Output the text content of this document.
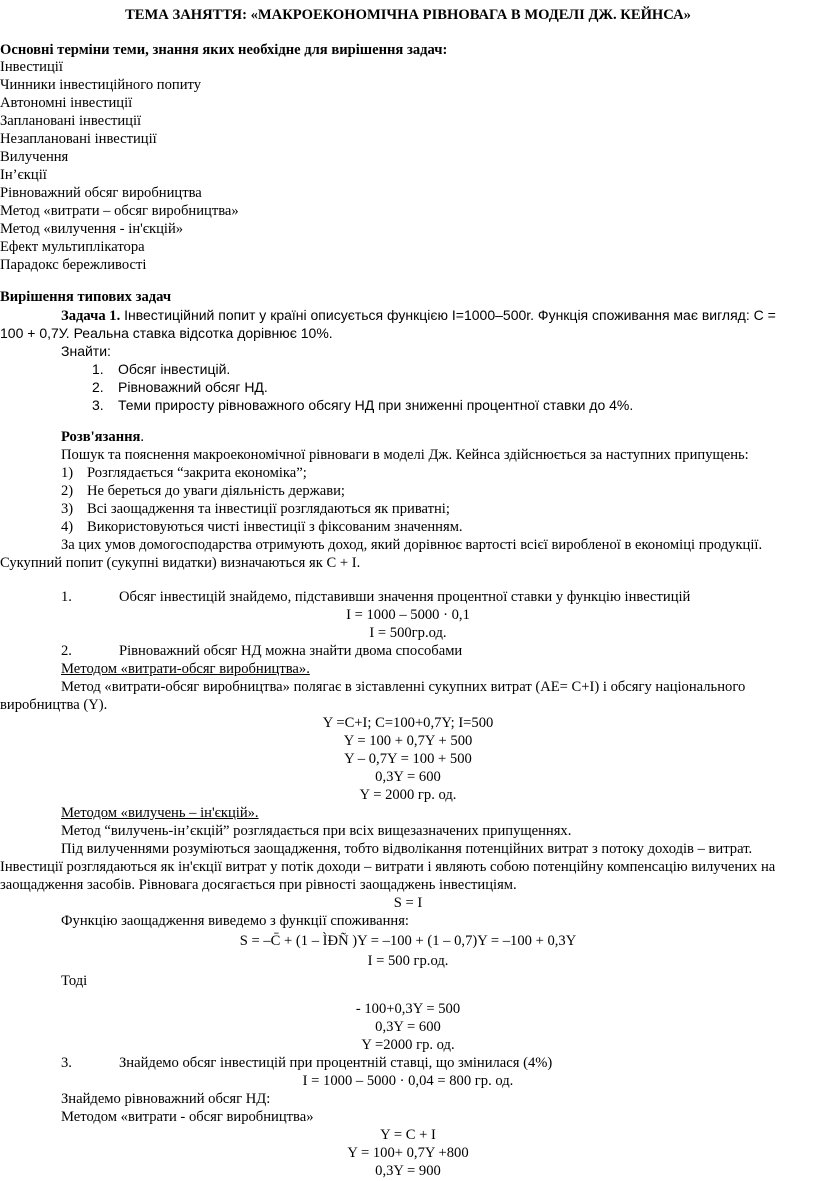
ТЕМА ЗАНЯТТЯ: «МАКРОЕКОНОМІЧНА РІВНОВАГА В МОДЕЛІ ДЖ. КЕЙНСА»
Основні терміни теми, знання яких необхідне для вирішення задач:
Інвестиції
Чинники інвестиційного попиту
Автономні інвестиції
Заплановані інвестиції
Незаплановані інвестиції
Вилучення
Ін’єкції
Рівноважний обсяг виробництва
Метод «витрати – обсяг виробництва»
Метод «вилучення - ін'єкцій»
Ефект мультиплікатора
Парадокс бережливості
Вирішення типових задач
Задача 1. Інвестиційний попит у країні описується функцією I=1000–500r. Функція споживання має вигляд: С =
100 + 0,7У. Реальна ставка відсотка дорівнює 10%.
Знайти:
1. Обсяг інвестицій.
2. Рівноважний обсяг НД.
3. Теми приросту рівноважного обсягу НД при зниженні процентної ставки до 4%.
Розв'язання.
Пошук та пояснення макроекономічної рівноваги в моделі Дж. Кейнса здійснюється за наступних припущень:
1) Розглядається “закрита економіка”;
2) Не береться до уваги діяльність держави;
3) Всі заощадження та інвестиції розглядаються як приватні;
4) Використовуються чисті інвестиції з фіксованим значенням.
За цих умов домогосподарства отримують доход, який дорівнює вартості всієї виробленої в економіці продукції.
Сукупний попит (сукупні видатки) визначаються як С + І.
1.	Обсяг інвестицій знайдемо, підставивши значення процентної ставки у функцію інвестицій
I = 1000 – 5000 · 0,1
I = 500гр.од.
2.	Рівноважний обсяг НД можна знайти двома способами
Методом «витрати-обсяг виробництва».
Метод «витрати-обсяг виробництва» полягає в зіставленні сукупних витрат (АЕ= С+І) і обсягу національного
виробництва (Y).
Y =C+I; C=100+0,7Y; I=500
Y = 100 + 0,7Y + 500
Y – 0,7Y = 100 + 500
0,3Y = 600
Y = 2000 гр. од.
Методом «вилучень – ін'єкцій».
Метод “вилучень-ін’єкцій” розглядається при всіх вищезазначених припущеннях.
Під вилученнями розуміються заощадження, тобто відволікання потенційних витрат з потоку доходів – витрат.
Інвестиції розглядаються як ін'єкції витрат у потік доходи – витрати і являють собою потенційну компенсацію вилучених на
заощадження засобів. Рівновага досягається при рівності заощаджень інвестиціям.
S = I
Функцію заощадження виведемо з функції споживання:
S = –C̄ + (1 – ÌÐÑ )Y = –100 + (1 – 0,7)Y = –100 + 0,3Y
I = 500 гр.од.
Тоді
- 100+0,3Y = 500
0,3Y = 600
Y =2000 гр. од.
3.	Знайдемо обсяг інвестицій при процентній ставці, що змінилася (4%)
I = 1000 – 5000 · 0,04 = 800 гр. од.
Знайдемо рівноважний обсяг НД:
Методом «витрати - обсяг виробництва»
Y = C + I
Y = 100+ 0,7Y +800
0,3Y = 900
